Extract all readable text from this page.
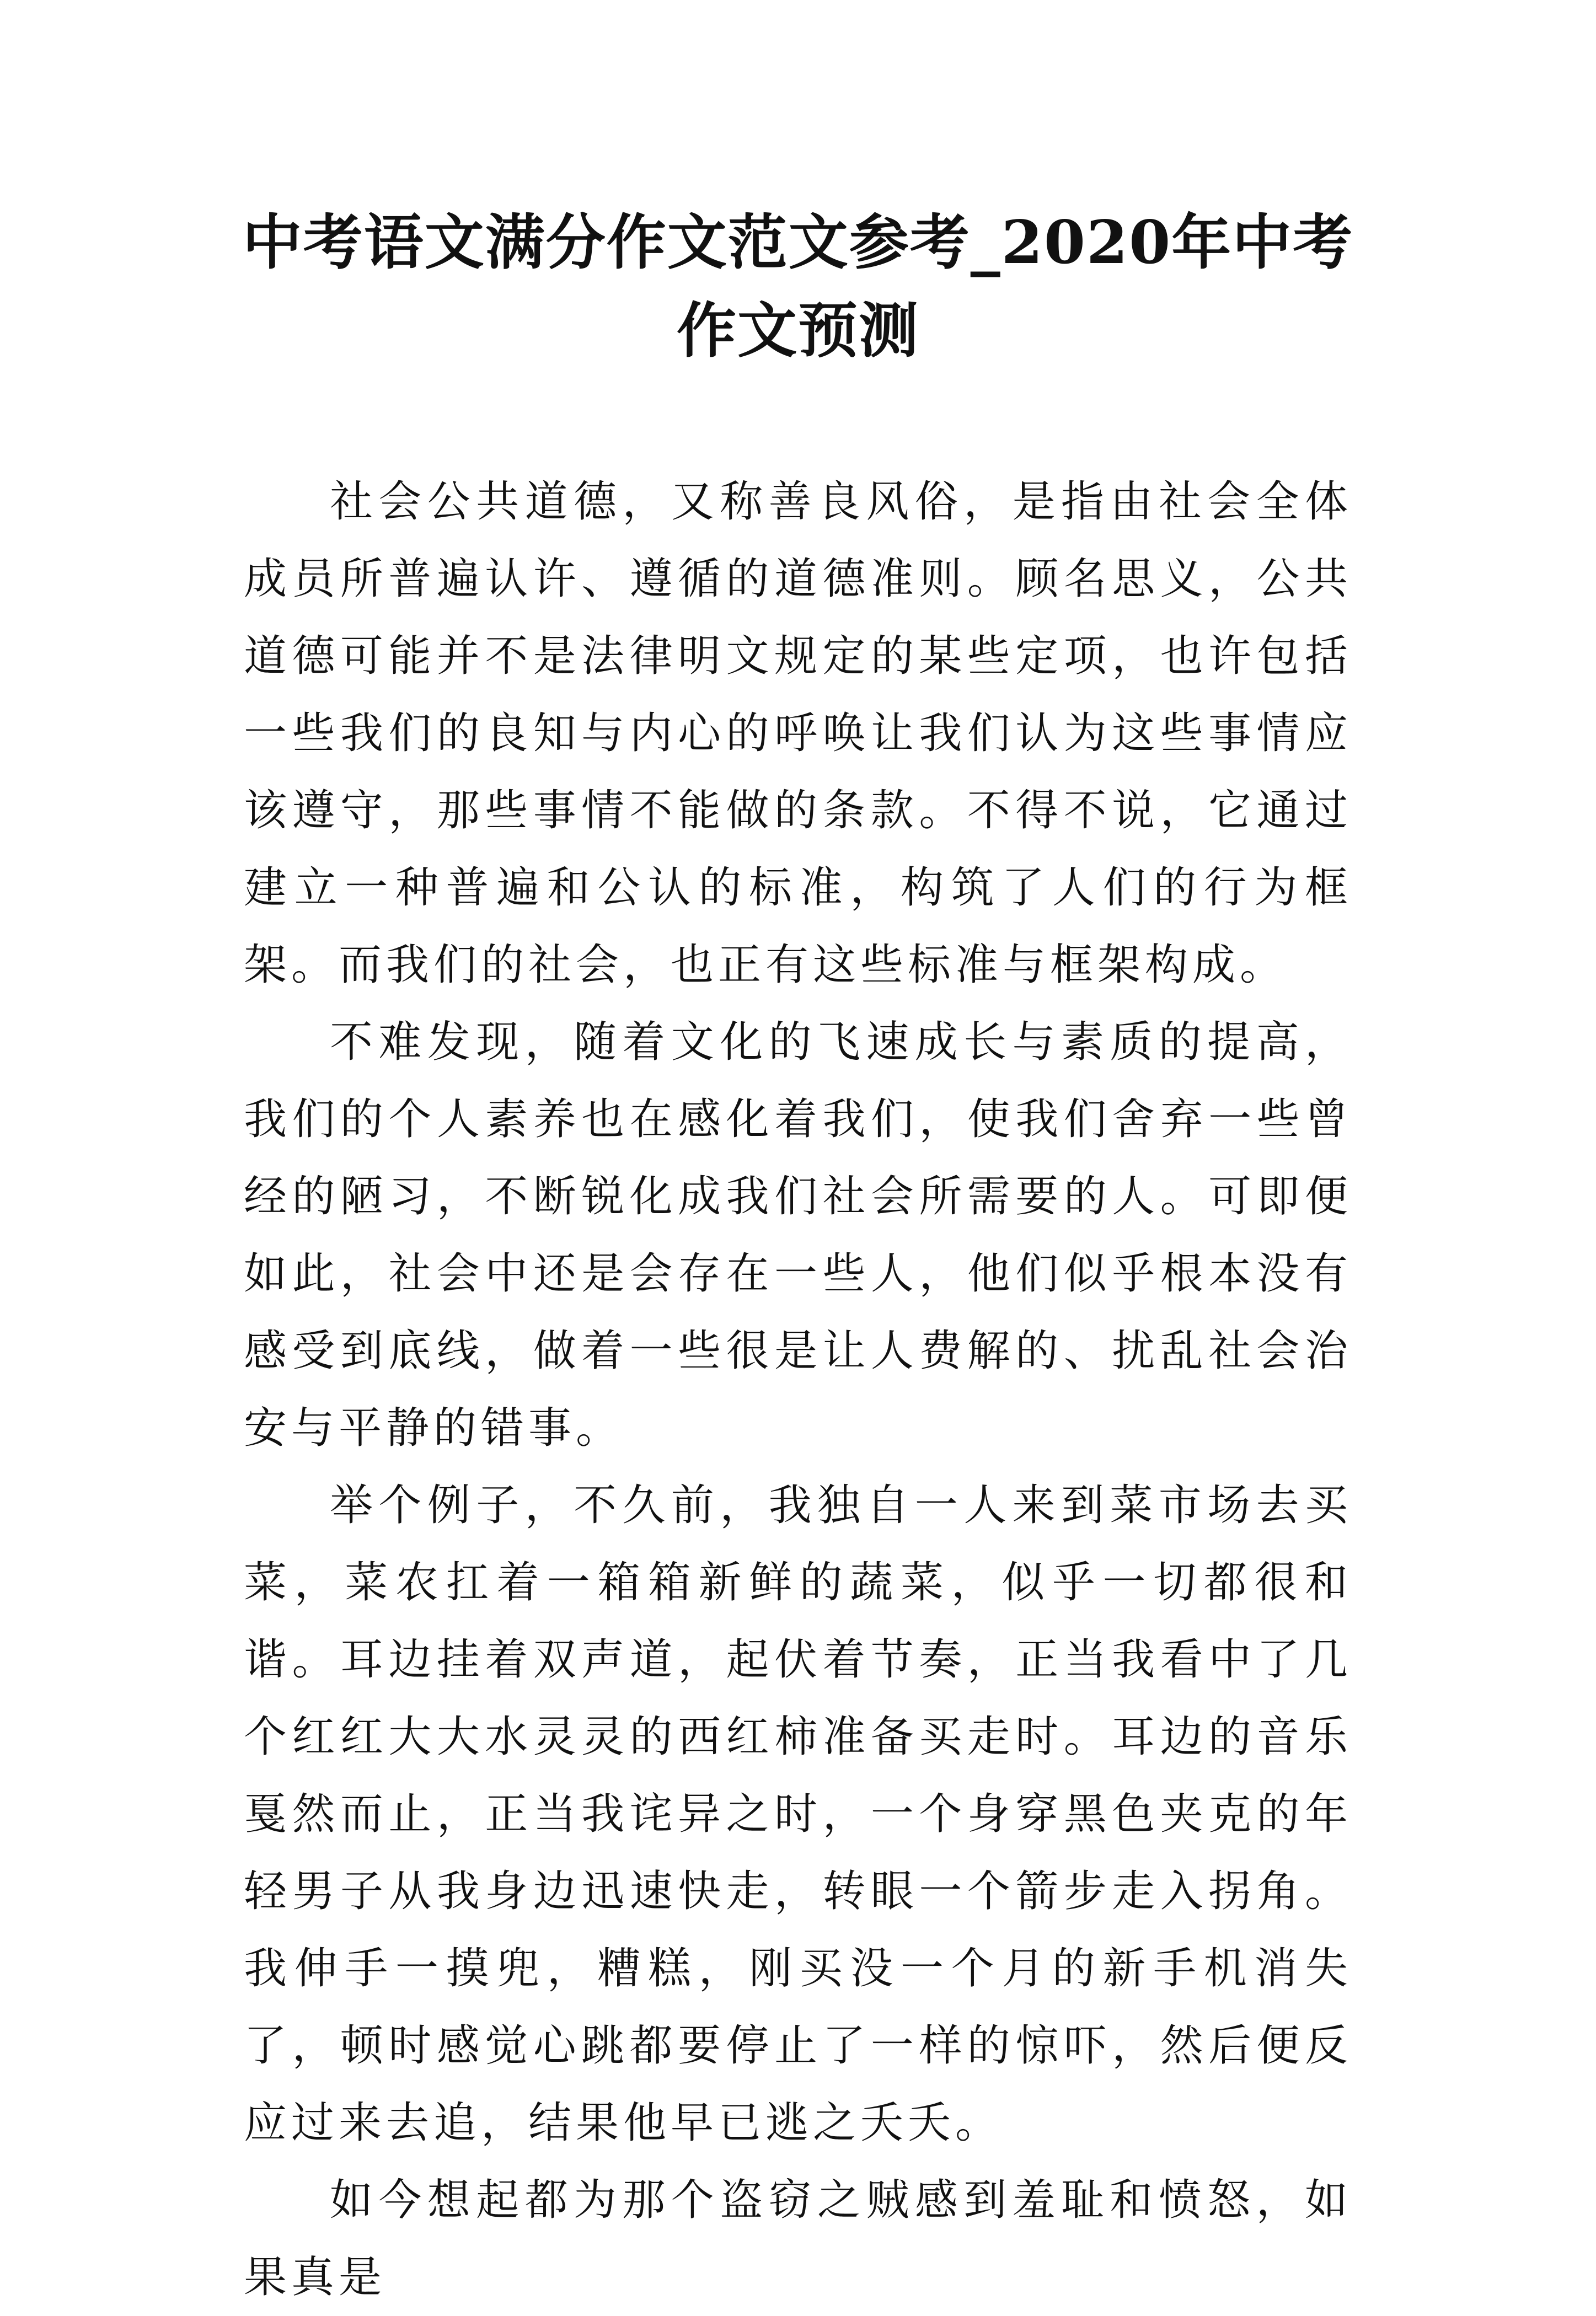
中考语文满分作文范文参考_2020年中考作文预测

社会公共道德，又称善良风俗，是指由社会全体成员所普遍认许、遵循的道德准则。顾名思义，公共道德可能并不是法律明文规定的某些定项，也许包括一些我们的良知与内心的呼唤让我们认为这些事情应该遵守，那些事情不能做的条款。不得不说，它通过建立一种普遍和公认的标准，构筑了人们的行为框架。而我们的社会，也正有这些标准与框架构成。

不难发现，随着文化的飞速成长与素质的提高，我们的个人素养也在感化着我们，使我们舍弃一些曾经的陋习，不断锐化成我们社会所需要的人。可即便如此，社会中还是会存在一些人，他们似乎根本没有感受到底线，做着一些很是让人费解的、扰乱社会治安与平静的错事。

举个例子，不久前，我独自一人来到菜市场去买菜，菜农扛着一箱箱新鲜的蔬菜，似乎一切都很和谐。耳边挂着双声道，起伏着节奏，正当我看中了几个红红大大水灵灵的西红柿准备买走时。耳边的音乐戛然而止，正当我诧异之时，一个身穿黑色夹克的年轻男子从我身边迅速快走，转眼一个箭步走入拐角。我伸手一摸兜，糟糕，刚买没一个月的新手机消失了，顿时感觉心跳都要停止了一样的惊吓，然后便反应过来去追，结果他早已逃之夭夭。

如今想起都为那个盗窃之贼感到羞耻和愤怒，如果真是
